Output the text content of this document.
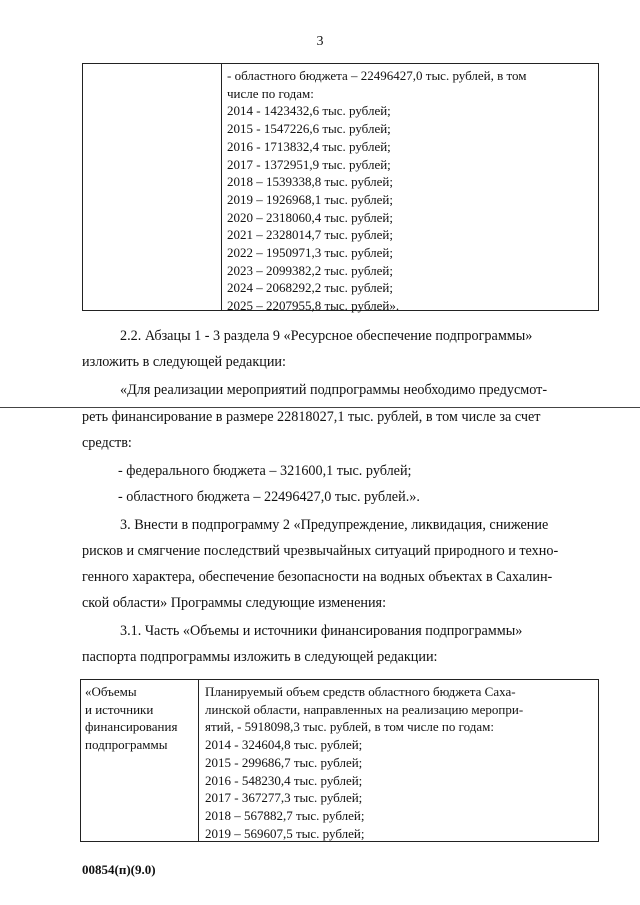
3
- областного бюджета – 22496427,0 тыс. рублей, в том
числе по годам:
2014 - 1423432,6 тыс. рублей;
2015 - 1547226,6 тыс. рублей;
2016 - 1713832,4 тыс. рублей;
2017 - 1372951,9 тыс. рублей;
2018 – 1539338,8 тыс. рублей;
2019 – 1926968,1 тыс. рублей;
2020 – 2318060,4 тыс. рублей;
2021 – 2328014,7 тыс. рублей;
2022 – 1950971,3 тыс. рублей;
2023 – 2099382,2 тыс. рублей;
2024 – 2068292,2 тыс. рублей;
2025 – 2207955,8 тыс. рублей».
2.2. Абзацы 1 - 3 раздела 9 «Ресурсное обеспечение подпрограммы»
изложить в следующей редакции:
«Для реализации мероприятий подпрограммы необходимо предусмот-
реть финансирование в размере 22818027,1 тыс. рублей, в том числе за счет
средств:
- федерального бюджета – 321600,1 тыс. рублей;
- областного бюджета – 22496427,0 тыс. рублей.».
3. Внести в подпрограмму 2 «Предупреждение, ликвидация, снижение
рисков и смягчение последствий чрезвычайных ситуаций природного и техно-
генного характера, обеспечение безопасности на водных объектах в Сахалин-
ской области» Программы следующие изменения:
3.1. Часть «Объемы и источники финансирования подпрограммы»
паспорта подпрограммы изложить в следующей редакции:
«Объемы
и источники
финансирования
подпрограммы
Планируемый объем средств областного бюджета Саха-
линской области, направленных на реализацию меропри-
ятий, - 5918098,3 тыс. рублей, в том числе по годам:
2014 - 324604,8 тыс. рублей;
2015 - 299686,7 тыс. рублей;
2016 - 548230,4 тыс. рублей;
2017 - 367277,3 тыс. рублей;
2018 – 567882,7 тыс. рублей;
2019 – 569607,5 тыс. рублей;
00854(п)(9.0)
